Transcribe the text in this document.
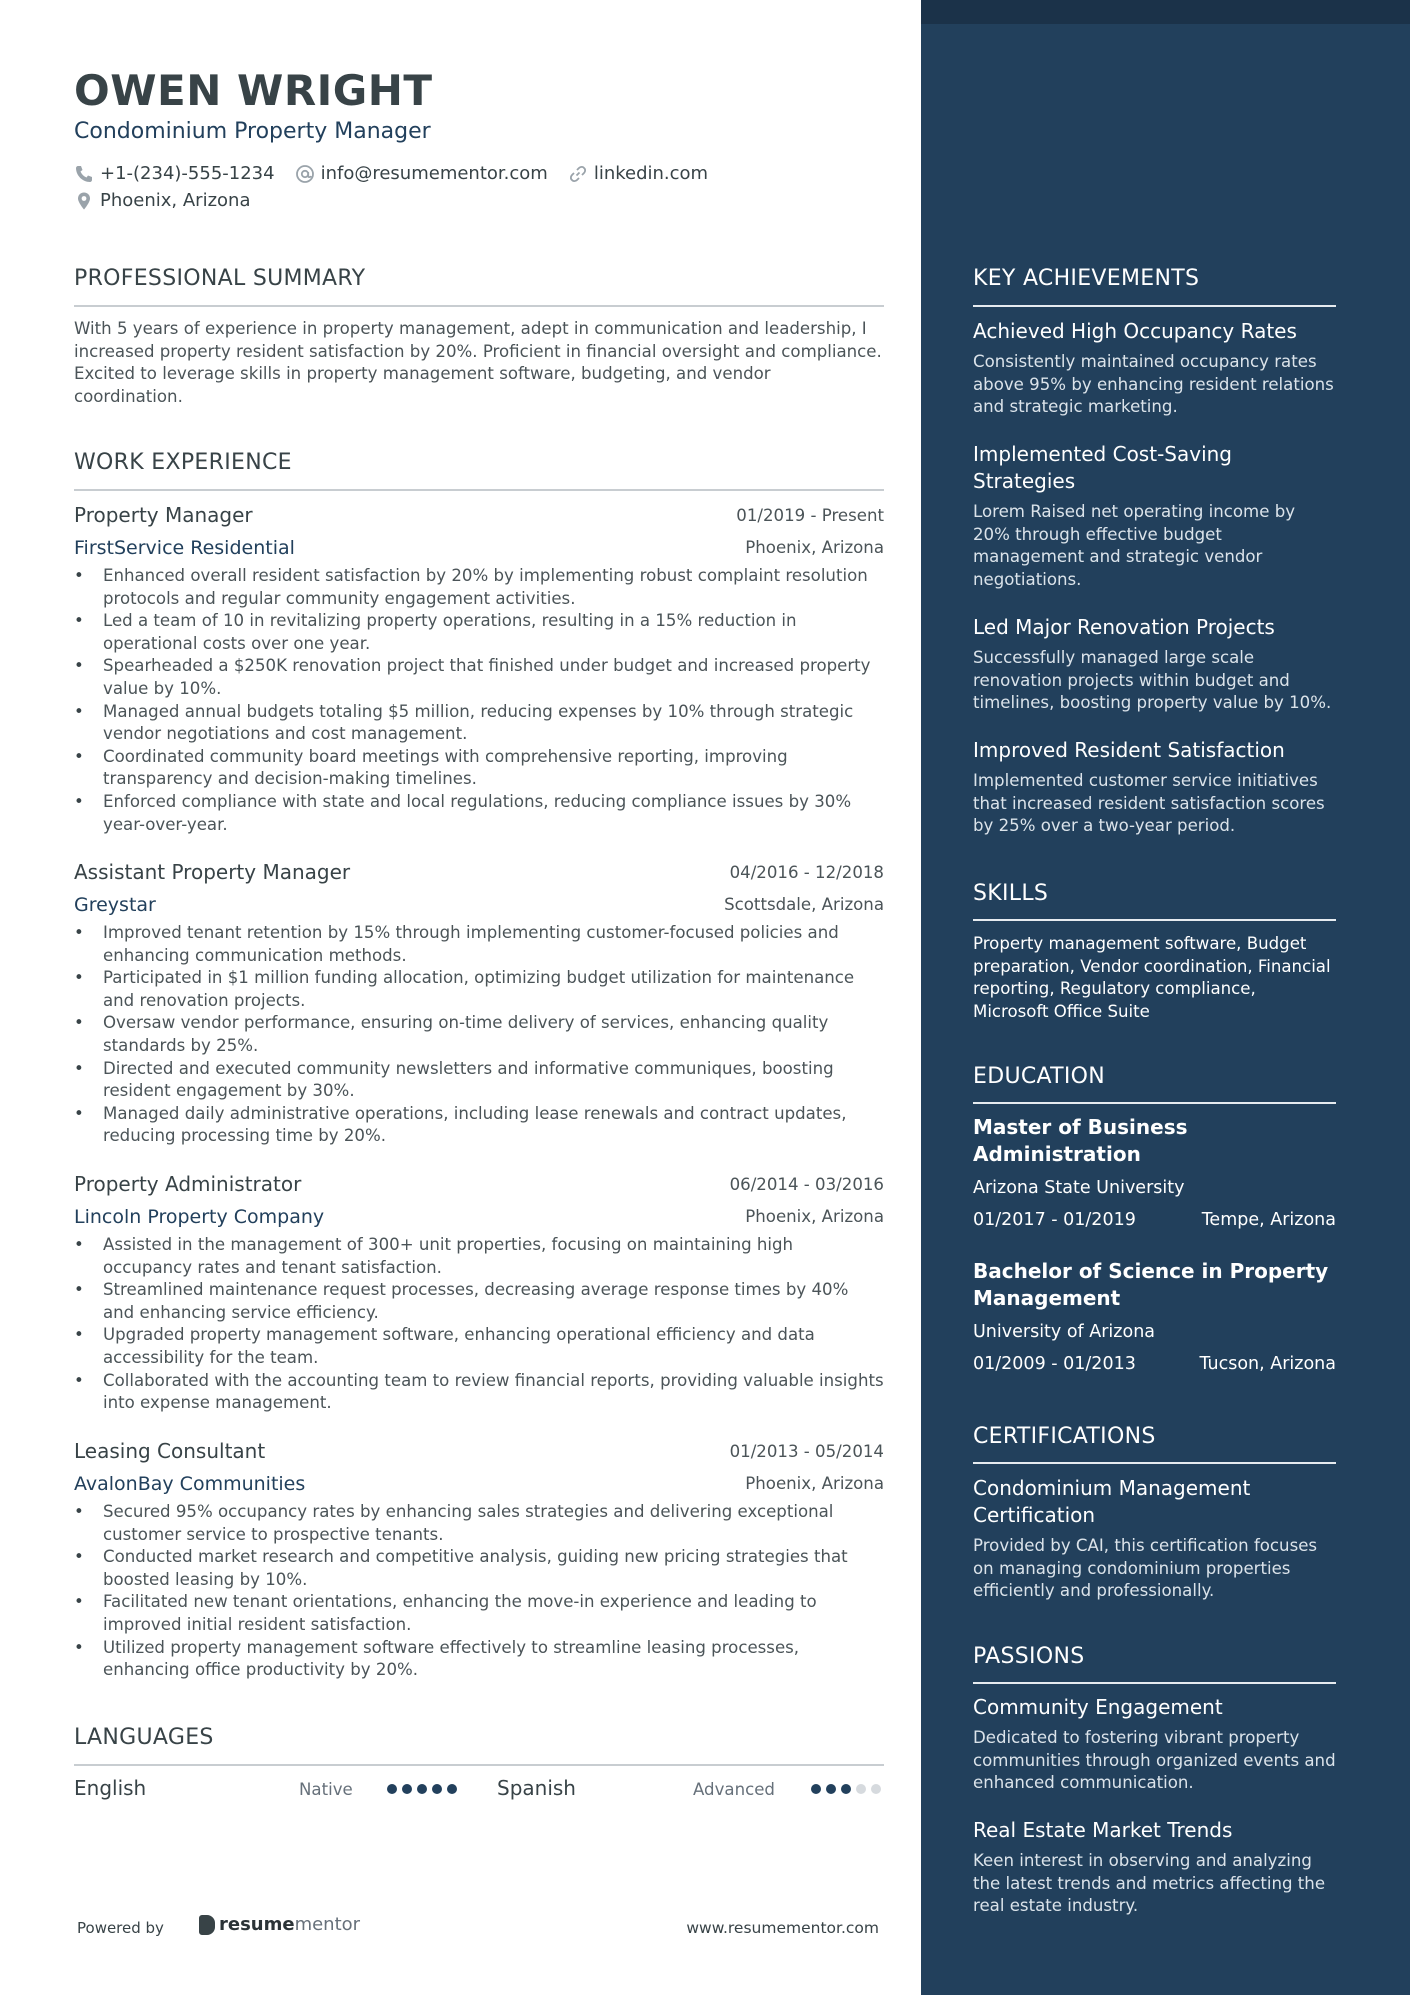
OWEN WRIGHT
Condominium Property Manager
+1-(234)-555-1234	info@resumementor.com	linkedin.com
Phoenix, Arizona
PROFESSIONAL SUMMARY
With 5 years of experience in property management, adept in communication and leadership, I increased property resident satisfaction by 20%. Proficient in financial oversight and compliance. Excited to leverage skills in property management software, budgeting, and vendor coordination.
WORK EXPERIENCE
Property Manager	01/2019 - Present
FirstService Residential	Phoenix, Arizona
• Enhanced overall resident satisfaction by 20% by implementing robust complaint resolution protocols and regular community engagement activities.
• Led a team of 10 in revitalizing property operations, resulting in a 15% reduction in operational costs over one year.
• Spearheaded a $250K renovation project that finished under budget and increased property value by 10%.
• Managed annual budgets totaling $5 million, reducing expenses by 10% through strategic vendor negotiations and cost management.
• Coordinated community board meetings with comprehensive reporting, improving transparency and decision-making timelines.
• Enforced compliance with state and local regulations, reducing compliance issues by 30% year-over-year.
Assistant Property Manager	04/2016 - 12/2018
Greystar	Scottsdale, Arizona
• Improved tenant retention by 15% through implementing customer-focused policies and enhancing communication methods.
• Participated in $1 million funding allocation, optimizing budget utilization for maintenance and renovation projects.
• Oversaw vendor performance, ensuring on-time delivery of services, enhancing quality standards by 25%.
• Directed and executed community newsletters and informative communiques, boosting resident engagement by 30%.
• Managed daily administrative operations, including lease renewals and contract updates, reducing processing time by 20%.
Property Administrator	06/2014 - 03/2016
Lincoln Property Company	Phoenix, Arizona
• Assisted in the management of 300+ unit properties, focusing on maintaining high occupancy rates and tenant satisfaction.
• Streamlined maintenance request processes, decreasing average response times by 40% and enhancing service efficiency.
• Upgraded property management software, enhancing operational efficiency and data accessibility for the team.
• Collaborated with the accounting team to review financial reports, providing valuable insights into expense management.
Leasing Consultant	01/2013 - 05/2014
AvalonBay Communities	Phoenix, Arizona
• Secured 95% occupancy rates by enhancing sales strategies and delivering exceptional customer service to prospective tenants.
• Conducted market research and competitive analysis, guiding new pricing strategies that boosted leasing by 10%.
• Facilitated new tenant orientations, enhancing the move-in experience and leading to improved initial resident satisfaction.
• Utilized property management software effectively to streamline leasing processes, enhancing office productivity by 20%.
LANGUAGES
English	Native	Spanish	Advanced
Powered by	resume mentor	www.resumementor.com
KEY ACHIEVEMENTS
Achieved High Occupancy Rates
Consistently maintained occupancy rates above 95% by enhancing resident relations and strategic marketing.
Implemented Cost-Saving Strategies
Lorem Raised net operating income by 20% through effective budget management and strategic vendor negotiations.
Led Major Renovation Projects
Successfully managed large scale renovation projects within budget and timelines, boosting property value by 10%.
Improved Resident Satisfaction
Implemented customer service initiatives that increased resident satisfaction scores by 25% over a two-year period.
SKILLS
Property management software, Budget preparation, Vendor coordination, Financial reporting, Regulatory compliance, Microsoft Office Suite
EDUCATION
Master of Business Administration
Arizona State University
01/2017 - 01/2019	Tempe, Arizona
Bachelor of Science in Property Management
University of Arizona
01/2009 - 01/2013	Tucson, Arizona
CERTIFICATIONS
Condominium Management Certification
Provided by CAI, this certification focuses on managing condominium properties efficiently and professionally.
PASSIONS
Community Engagement
Dedicated to fostering vibrant property communities through organized events and enhanced communication.
Real Estate Market Trends
Keen interest in observing and analyzing the latest trends and metrics affecting the real estate industry.
